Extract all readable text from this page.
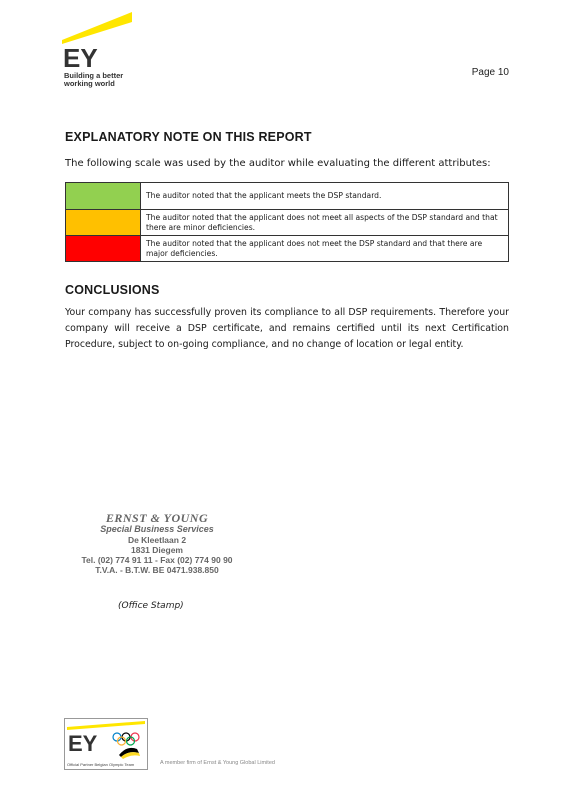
EY
Building a better
working world
Page 10
EXPLANATORY NOTE ON THIS REPORT
The following scale was used by the auditor while evaluating the different attributes:
	The auditor noted that the applicant meets the DSP standard.
	The auditor noted that the applicant does not meet all aspects of the DSP standard and that there are minor deficiencies.
	The auditor noted that the applicant does not meet the DSP standard and that there are major deficiencies.
CONCLUSIONS
Your company has successfully proven its compliance to all DSP requirements. Therefore your company will receive a DSP certificate, and remains certified until its next Certification Procedure, subject to on-going compliance, and no change of location or legal entity.
ERNST & YOUNG
Special Business Services
De Kleetlaan 2
1831 Diegem
Tel. (02) 774 91 11 - Fax (02) 774 90 90
T.V.A. - B.T.W. BE 0471.938.850
(Office Stamp)
EY
Official Partner Belgian Olympic Team	A member firm of Ernst & Young Global Limited
